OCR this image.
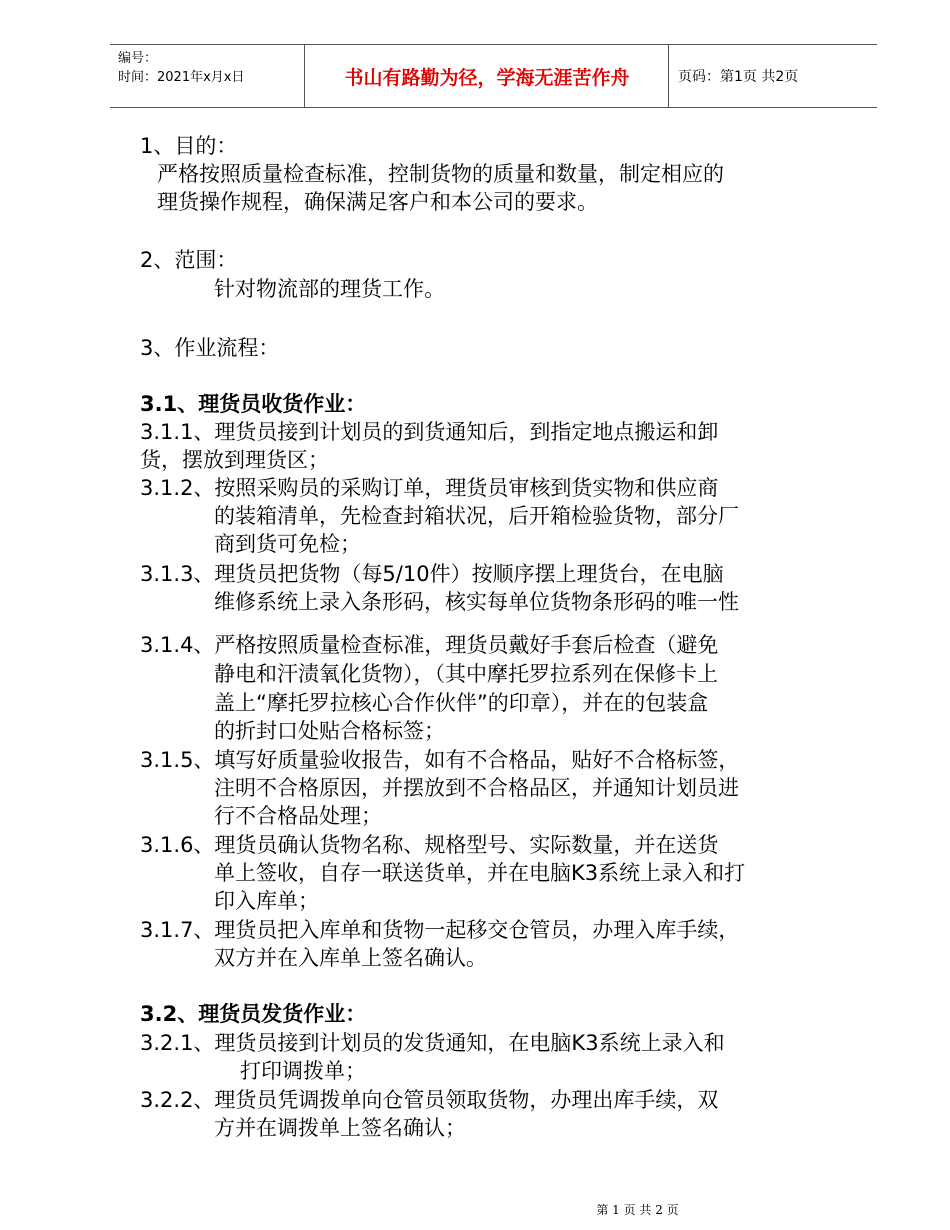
编号：
时间：2021年x月x日	书山有路勤为径，学海无涯苦作舟	页码：第1页 共2页
1、目的：
严格按照质量检查标准，控制货物的质量和数量，制定相应的
理货操作规程，确保满足客户和本公司的要求。
2、范围：
针对物流部的理货工作。
3、作业流程：
3.1、理货员收货作业：
3.1.1、理货员接到计划员的到货通知后，到指定地点搬运和卸
货，摆放到理货区；
3.1.2、按照采购员的采购订单，理货员审核到货实物和供应商
的装箱清单，先检查封箱状况，后开箱检验货物，部分厂
商到货可免检；
3.1.3、理货员把货物（每5/10件）按顺序摆上理货台，在电脑
维修系统上录入条形码，核实每单位货物条形码的唯一性
3.1.4、严格按照质量检查标准，理货员戴好手套后检查（避免
静电和汗渍氧化货物），（其中摩托罗拉系列在保修卡上
盖上“摩托罗拉核心合作伙伴”的印章），并在的包装盒
的折封口处贴合格标签；
3.1.5、填写好质量验收报告，如有不合格品，贴好不合格标签，
注明不合格原因，并摆放到不合格品区，并通知计划员进
行不合格品处理；
3.1.6、理货员确认货物名称、规格型号、实际数量，并在送货
单上签收，自存一联送货单，并在电脑K3系统上录入和打
印入库单；
3.1.7、理货员把入库单和货物一起移交仓管员，办理入库手续，
双方并在入库单上签名确认。
3.2、理货员发货作业：
3.2.1、理货员接到计划员的发货通知，在电脑K3系统上录入和
打印调拨单；
3.2.2、理货员凭调拨单向仓管员领取货物，办理出库手续，双
方并在调拨单上签名确认；
第 1 页 共 2 页
